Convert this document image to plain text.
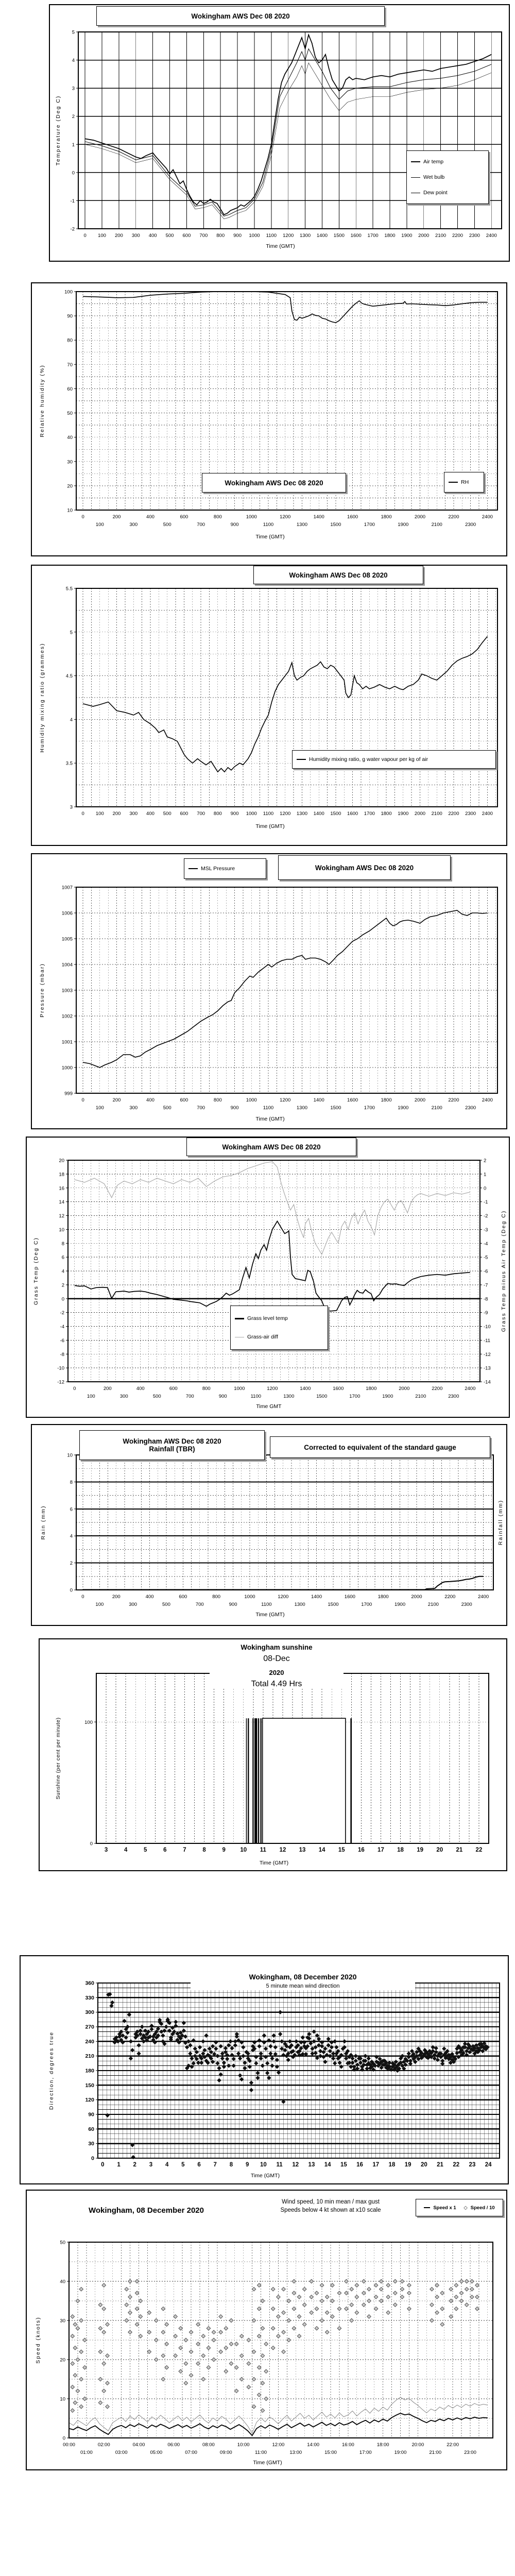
0 100 200 300 400 500 600 700 800 900 1000 1100 1200 1300 1400 1500 1600 1700 1800 1900 2000 2100 2200 2300 2400
-2
-1
0
1
2
3
4
5
Wokingham AWS Dec 08 2020
Temperature (Deg C)
Time (GMT)
Air temp
Wet bulb
Dew point
0
100
200
300
400
500
600
700
800
900
1000
1100
1200
1300
1400
1500
1600
1700
1800
1900
2000
2100
2200
2300
2400
10
20
30
40
50
60
70
80
90
100
Relative humidity (%)
Time (GMT)
Wokingham AWS Dec 08 2020	RH
0 100 200 300 400 500 600 700 800 900 1000 1100 1200 1300 1400 1500 1600 1700 1800 1900 2000 2100 2200 2300 2400
3
3.5
4
4.5
5
5.5
Wokingham AWS Dec 08 2020
Humidity mixing ratio (grammes)
Time (GMT)
Humidity mixing ratio, g water vapour per kg of air
0
100
200
300
400
500
600
700
800
900
1000
1100
1200
1300
1400
1500
1600
1700
1800
1900
2000
2100
2200
2300
2400
999
1000
1001
1002
1003
1004
1005
1006
1007
MSL Pressure	Wokingham AWS Dec 08 2020
Pressure (mbar)
Time (GMT)
0
100
200
300
400
500
600
700
800
900
1000
1100
1200
1300
1400
1500
1600
1700
1800
1900
2000
2100
2200
2300
2400
-12
-10
-8
-6
-4
-2
0
2
4
6
8
10
12
14
16
18
20
-14
-13
-12
-11
-10
-9
-8
-7
-6
-5
-4
-3
-2
-1
0
1
2
Wokingham AWS Dec 08 2020
Grass Temp (Deg C)	Grass Temp minus Air Temp (Deg C)
Time GMT
Grass level temp
Grass-air diff
0
100
200
300
400
500
600
700
800
900
1000
1100
1200
1300
1400
1500
1600
1700
1800
1900
2000
2100
2200
2300
2400
0
2
4
6
8
10
Wokingham AWS Dec 08 2020
Rainfall (TBR)	Corrected to equivalent of the standard gauge
Rain (mm)	Rainfall (mm)
Time (GMT)
3	4	5	6	7	8	9 10 11 12 13 14 15 16 17 18 19 20 21 22
0
100
Wokingham sunshine
08-Dec
2020
Total 4.49 Hrs
Sunshine (per cent per minute)
Time (GMT)
0 1 2 3 4 5 6 7 8 9 10 11 12 13 14 15 16 17 18 19 20 21 22 23 24
0
30
60
90
120
150
180
210
240
270
300
330
360
Wokingham, 08 December 2020
5 minute mean wind direction
Direction, degrees true
Time (GMT)
00:00
01:00
02:00
03:00
04:00
05:00
06:00
07:00
08:00
09:00
10:00
11:00
12:00
13:00
14:00
15:00
16:00
17:00
18:00
19:00
20:00
21:00
22:00
23:00
0
10
20
30
40
50
Wokingham, 08 December 2020
Wind speed, 10 min mean / max gust
Speeds below 4 kt shown at x10 scale	Speed x 1 ◇ Speed / 10
Speed (knots)
Time (GMT)
